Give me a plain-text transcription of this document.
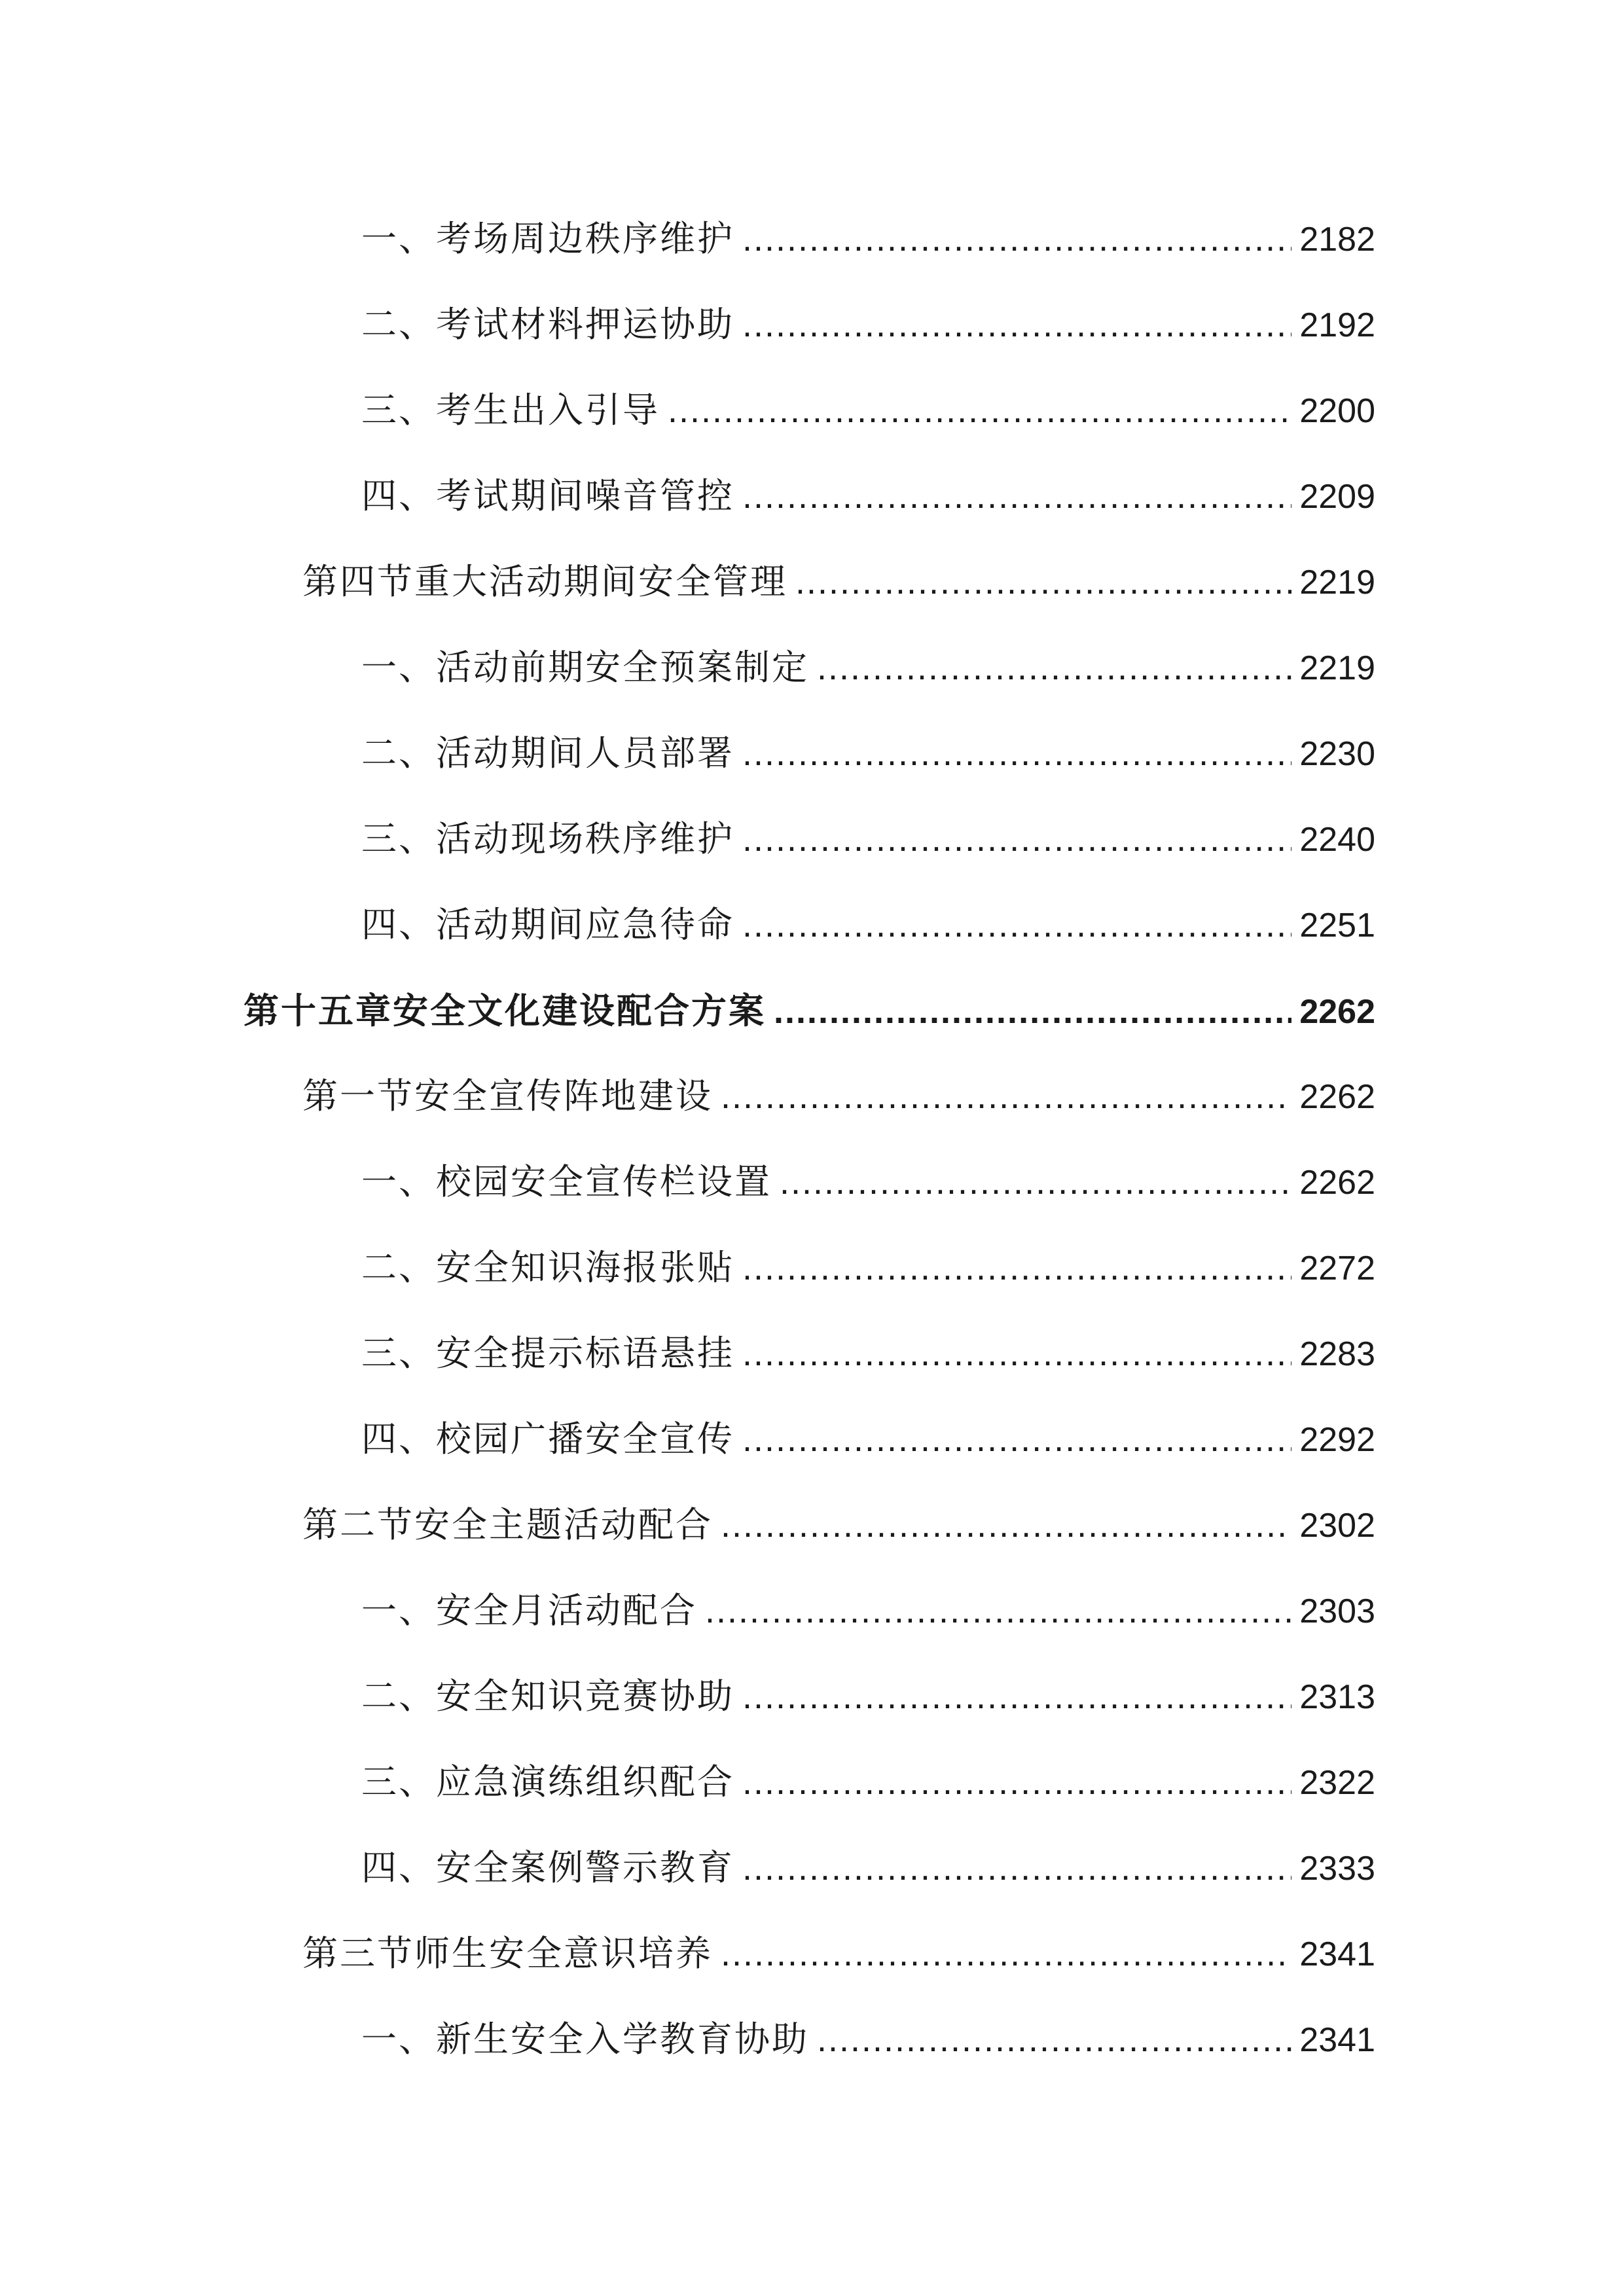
一、考场周边秩序维护 .....	2182
二、考试材料押运协助 .....	2192
三、考生出入引导 .....	2200
四、考试期间噪音管控 .....	2209
第四节重大活动期间安全管理 .....	2219
一、活动前期安全预案制定 .....	2219
二、活动期间人员部署 .....	2230
三、活动现场秩序维护 .....	2240
四、活动期间应急待命 .....	2251
第十五章安全文化建设配合方案 .....	2262
第一节安全宣传阵地建设 .....	2262
一、校园安全宣传栏设置 .....	2262
二、安全知识海报张贴 .....	2272
三、安全提示标语悬挂 .....	2283
四、校园广播安全宣传 .....	2292
第二节安全主题活动配合 .....	2302
一、安全月活动配合 .....	2303
二、安全知识竞赛协助 .....	2313
三、应急演练组织配合 .....	2322
四、安全案例警示教育 .....	2333
第三节师生安全意识培养 .....	2341
一、新生安全入学教育协助 .....	2341
